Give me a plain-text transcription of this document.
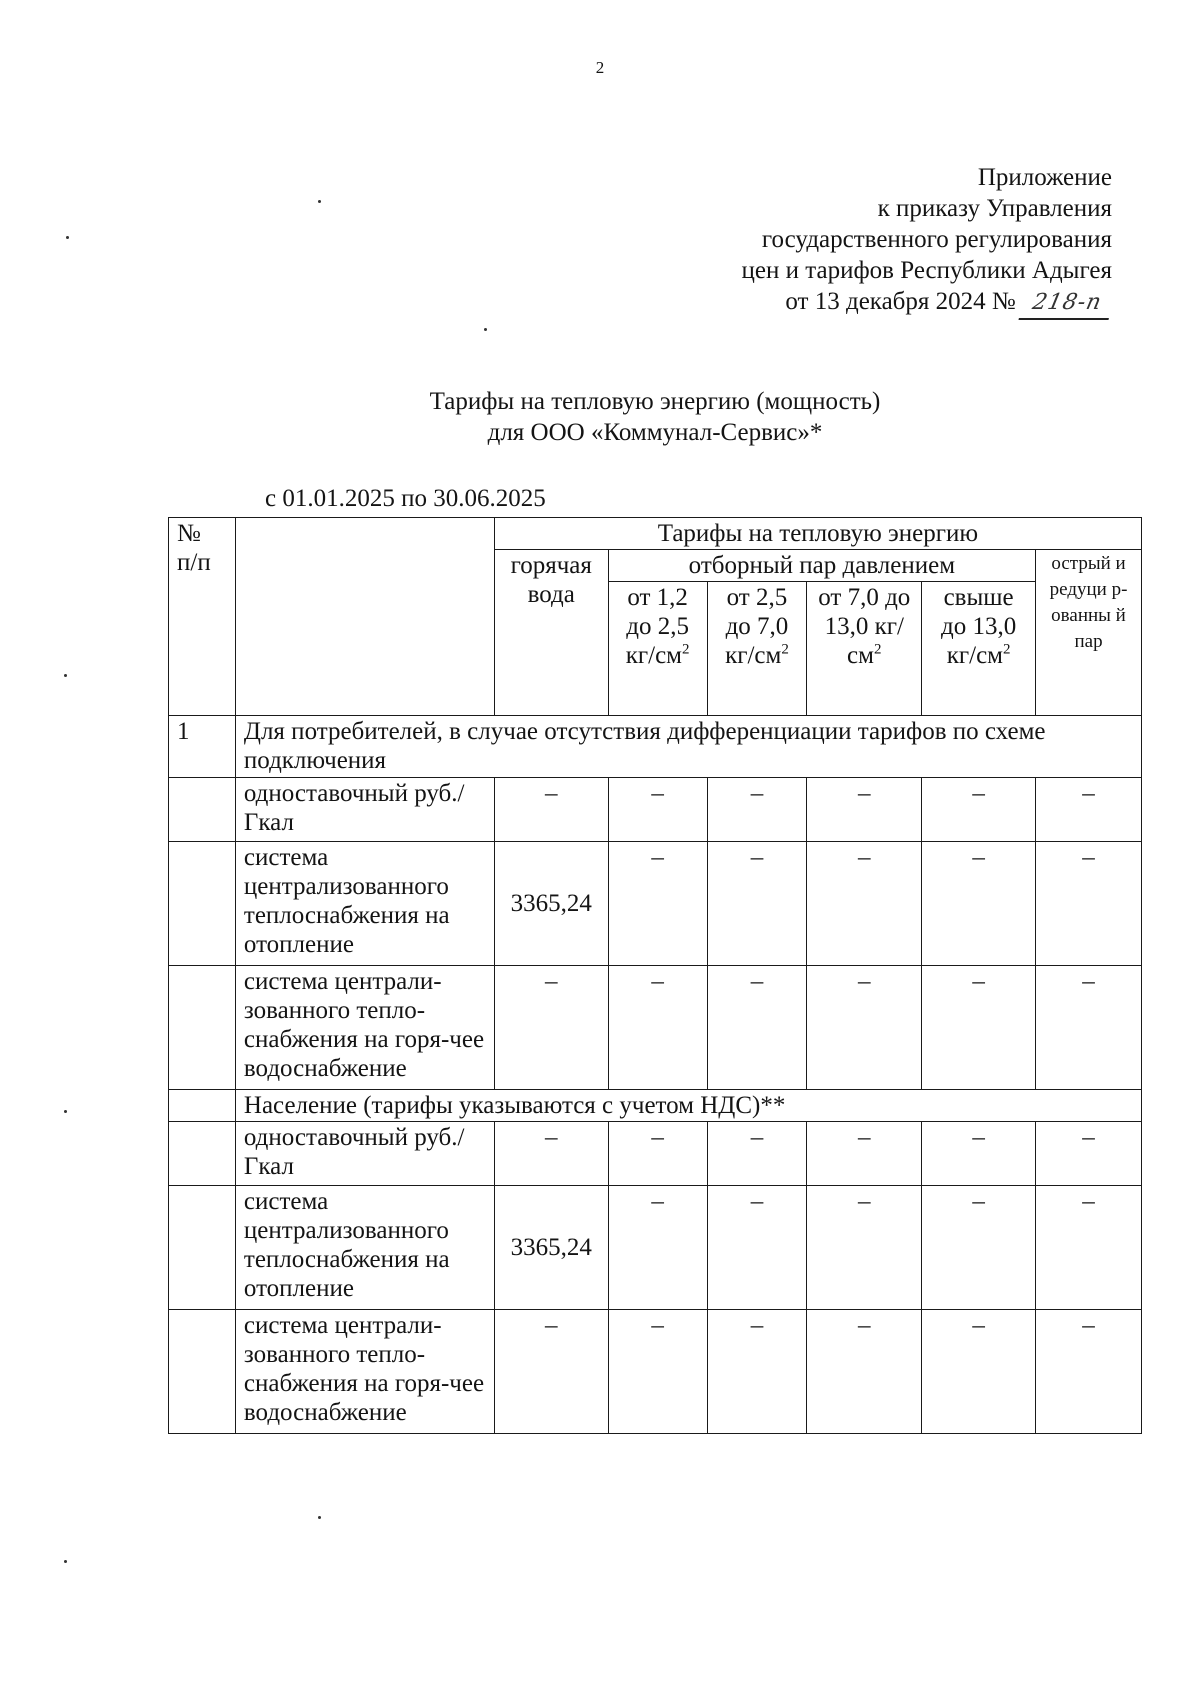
2
Приложение
к приказу Управления
государственного регулирования
цен и тарифов Республики Адыгея
от 13 декабря 2024 № 218-п
Тарифы на тепловую энергию (мощность)
для ООО «Коммунал-Сервис»*
с 01.01.2025 по 30.06.2025
№ п/п		Тарифы на тепловую энергию					
		горячая вода	отборный пар давлением				острый и редуци р-ованны й пар
			от 1,2 до 2,5 $кг/см^2$	от 2,5 до 7,0 $кг/см^2$	от 7,0 до 13,0 $кг/см^2$	свыше до 13,0 $кг/см^2$
1	Для потребителей, в случае отсутствия дифференциации тарифов по схеме подключения						
	одноставочный руб./Гкал	–	–	–	–	–	–
	система централизованного теплоснабжения на отопление	3365,24	–	–	–	–	–
	система централи-зованного тепло-снабжения на горя-чее водоснабжение	–	–	–	–	–	–
	Население (тарифы указываются с учетом НДС)**						
	одноставочный руб./Гкал	–	–	–	–	–	–
	система централизованного теплоснабжения на отопление	3365,24	–	–	–	–	–
	система централи-зованного тепло-снабжения на горя-чее водоснабжение	–	–	–	–	–	–
